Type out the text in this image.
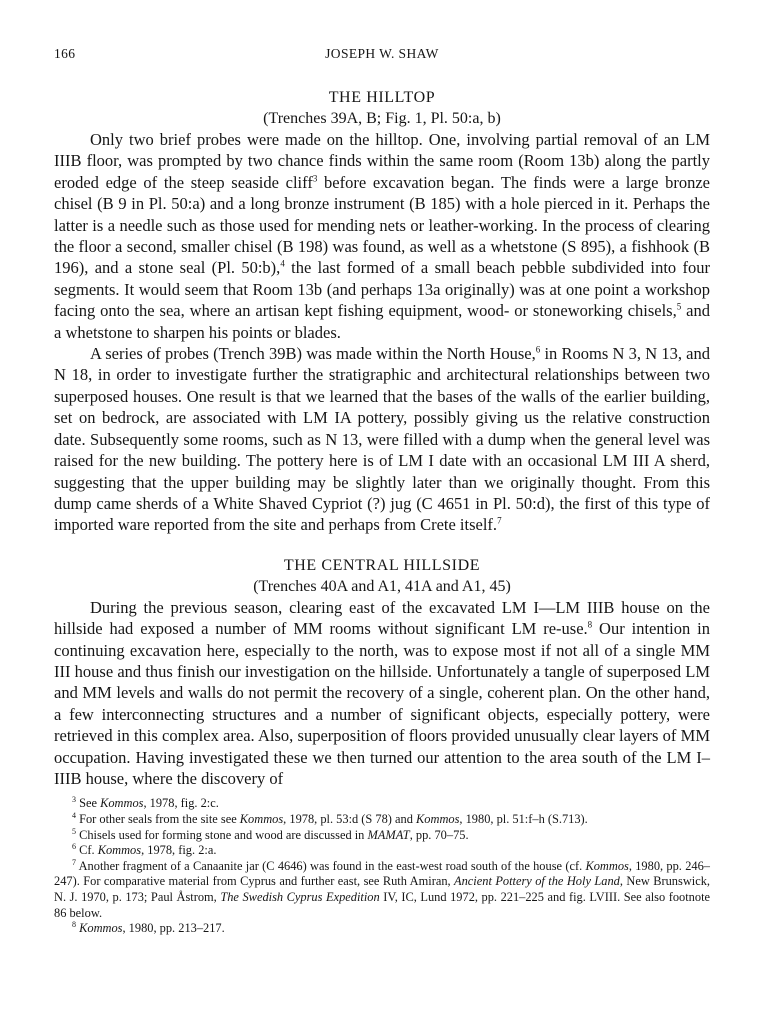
166	JOSEPH W. SHAW
THE HILLTOP
(Trenches 39A, B; Fig. 1, Pl. 50:a, b)

Only two brief probes were made on the hilltop. One, involving partial removal of an LM IIIB floor, was prompted by two chance finds within the same room (Room 13b) along the partly eroded edge of the steep seaside cliff$^3$ before excavation began. The finds were a large bronze chisel (B 9 in Pl. 50:a) and a long bronze instrument (B 185) with a hole pierced in it. Perhaps the latter is a needle such as those used for mending nets or leather-working. In the process of clearing the floor a second, smaller chisel (B 198) was found, as well as a whetstone (S 895), a fishhook (B 196), and a stone seal (Pl. 50:b),$^4$ the last formed of a small beach pebble subdivided into four segments. It would seem that Room 13b (and perhaps 13a originally) was at one point a workshop facing onto the sea, where an artisan kept fishing equipment, wood- or stoneworking chisels,$^5$ and a whetstone to sharpen his points or blades.

A series of probes (Trench 39B) was made within the North House,$^6$ in Rooms N 3, N 13, and N 18, in order to investigate further the stratigraphic and architectural relationships between two superposed houses. One result is that we learned that the bases of the walls of the earlier building, set on bedrock, are associated with LM IA pottery, possibly giving us the relative construction date. Subsequently some rooms, such as N 13, were filled with a dump when the general level was raised for the new building. The pottery here is of LM I date with an occasional LM III A sherd, suggesting that the upper building may be slightly later than we originally thought. From this dump came sherds of a White Shaved Cypriot (?) jug (C 4651 in Pl. 50:d), the first of this type of imported ware reported from the site and perhaps from Crete itself.$^7$

THE CENTRAL HILLSIDE
(Trenches 40A and A1, 41A and A1, 45)

During the previous season, clearing east of the excavated LM I—LM IIIB house on the hillside had exposed a number of MM rooms without significant LM re-use.$^8$ Our intention in continuing excavation here, especially to the north, was to expose most if not all of a single MM III house and thus finish our investigation on the hillside. Unfortunately a tangle of superposed LM and MM levels and walls do not permit the recovery of a single, coherent plan. On the other hand, a few interconnecting structures and a number of significant objects, especially pottery, were retrieved in this complex area. Also, superposition of floors provided unusually clear layers of MM occupation. Having investigated these we then turned our attention to the area south of the LM I–IIIB house, where the discovery of

$^3$ See Kommos, 1978, fig. 2:c.
$^4$ For other seals from the site see Kommos, 1978, pl. 53:d (S 78) and Kommos, 1980, pl. 51:f–h (S.713).
$^5$ Chisels used for forming stone and wood are discussed in MAMAT, pp. 70–75.
$^6$ Cf. Kommos, 1978, fig. 2:a.
$^7$ Another fragment of a Canaanite jar (C 4646) was found in the east-west road south of the house (cf. Kommos, 1980, pp. 246–247). For comparative material from Cyprus and further east, see Ruth Amiran, Ancient Pottery of the Holy Land, New Brunswick, N. J. 1970, p. 173; Paul Åstrom, The Swedish Cyprus Expedition IV, IC, Lund 1972, pp. 221–225 and fig. LVIII. See also footnote 86 below.
$^8$ Kommos, 1980, pp. 213–217.
